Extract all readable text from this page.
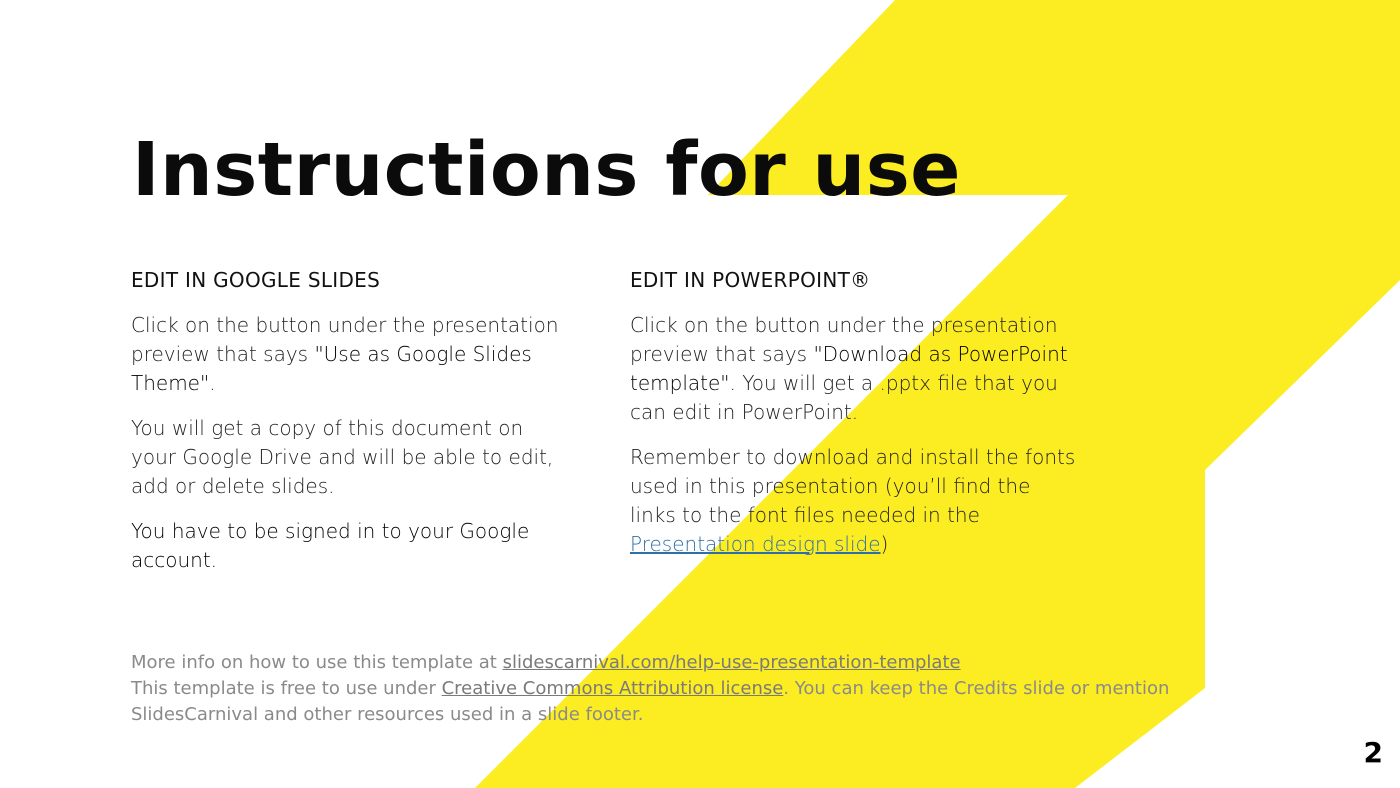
Instructions for use
EDIT IN GOOGLE SLIDES

Click on the button under the presentation preview that says "Use as Google Slides Theme".

You will get a copy of this document on your Google Drive and will be able to edit, add or delete slides.

You have to be signed in to your Google account.

EDIT IN POWERPOINT®

Click on the button under the presentation preview that says "Download as PowerPoint template". You will get a .pptx file that you can edit in PowerPoint.

Remember to download and install the fonts used in this presentation (you’ll find the links to the font files needed in the Presentation design slide)

More info on how to use this template at slidescarnival.com/help-use-presentation-template

This template is free to use under Creative Commons Attribution license. You can keep the Credits slide or mention SlidesCarnival and other resources used in a slide footer.

2
